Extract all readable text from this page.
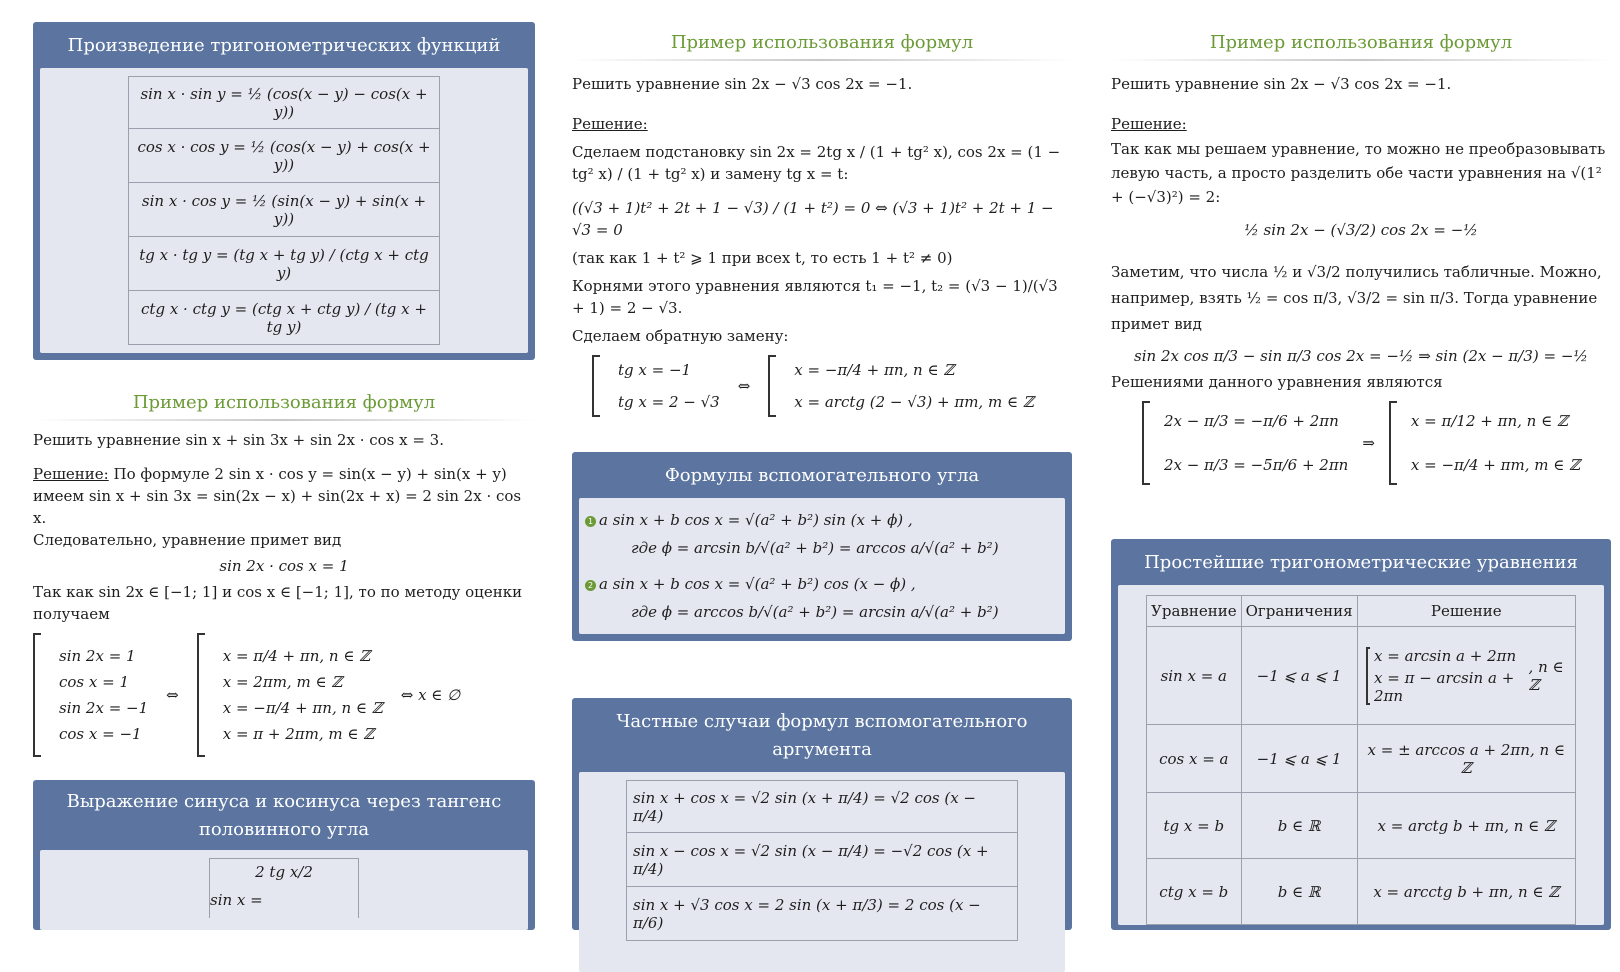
Произведение тригонометрических функций
sin x · sin y = ½ (cos(x − y) − cos(x + y))
cos x · cos y = ½ (cos(x − y) + cos(x + y))
sin x · cos y = ½ (sin(x − y) + sin(x + y))
tg x · tg y = (tg x + tg y) / (ctg x + ctg y)
ctg x · ctg y = (ctg x + ctg y) / (tg x + tg y)
Пример использования формул
Решить уравнение sin x + sin 3x + sin 2x · cos x = 3.
Решение: По формуле 2 sin x · cos y = sin(x − y) + sin(x + y) имеем sin x + sin 3x = sin(2x − x) + sin(2x + x) = 2 sin 2x · cos x.
Следовательно, уравнение примет вид
sin 2x · cos x = 1
Так как sin 2x ∈ [−1; 1] и cos x ∈ [−1; 1], то по методу оценки получаем
sin 2x = 1
cos x = 1
sin 2x = −1
cos x = −1
⇔
x = π/4 + πn, n ∈ ℤ
x = 2πm, m ∈ ℤ
x = −π/4 + πn, n ∈ ℤ
x = π + 2πm, m ∈ ℤ
⇔ x ∈ ∅
Выражение синуса и косинуса через тангенс половинного угла
2 tg x/2
sin x =
Пример использования формул
Решить уравнение sin 2x − √3 cos 2x = −1.
Решение:
Сделаем подстановку sin 2x = 2tg x / (1 + tg² x), cos 2x = (1 − tg² x) / (1 + tg² x) и замену tg x = t:
((√3 + 1)t² + 2t + 1 − √3) / (1 + t²) = 0 ⇔ (√3 + 1)t² + 2t + 1 − √3 = 0
(так как 1 + t² ⩾ 1 при всех t, то есть 1 + t² ≠ 0)
Корнями этого уравнения являются t₁ = −1, t₂ = (√3 − 1)/(√3 + 1) = 2 − √3.
Сделаем обратную замену:
tg x = −1
tg x = 2 − √3
⇔
x = −π/4 + πn, n ∈ ℤ
x = arctg (2 − √3) + πm, m ∈ ℤ
Формулы вспомогательного угла
1 a sin x + b cos x = √(a² + b²) sin (x + ϕ) ,
где ϕ = arcsin b/√(a² + b²) = arccos a/√(a² + b²)
2 a sin x + b cos x = √(a² + b²) cos (x − ϕ) ,
где ϕ = arccos b/√(a² + b²) = arcsin a/√(a² + b²)
Частные случаи формул вспомогательного аргумента
sin x + cos x = √2 sin (x + π/4) = √2 cos (x − π/4)
sin x − cos x = √2 sin (x − π/4) = −√2 cos (x + π/4)
sin x + √3 cos x = 2 sin (x + π/3) = 2 cos (x − π/6)
Пример использования формул
Решить уравнение sin 2x − √3 cos 2x = −1.
Решение:
Так как мы решаем уравнение, то можно не преобразовывать левую часть, а просто разделить обе части уравнения на √(1² + (−√3)²) = 2:
½ sin 2x − (√3/2) cos 2x = −½
Заметим, что числа ½ и √3/2 получились табличные. Можно, например, взять ½ = cos π/3, √3/2 = sin π/3. Тогда уравнение примет вид
sin 2x cos π/3 − sin π/3 cos 2x = −½ ⇒ sin (2x − π/3) = −½
Решениями данного уравнения являются
2x − π/3 = −π/6 + 2πn
2x − π/3 = −5π/6 + 2πn
⇒
x = π/12 + πn, n ∈ ℤ
x = −π/4 + πm, m ∈ ℤ
Простейшие тригонометрические уравнения
Уравнение	Ограничения	Решение
sin x = a	−1 ⩽ a ⩽ 1	x = arcsin a + 2πn
x = π − arcsin a + 2πn
, n ∈ ℤ

cos x = a	−1 ⩽ a ⩽ 1	x = ± arccos a + 2πn, n ∈ ℤ
tg x = b	b ∈ ℝ	x = arctg b + πn, n ∈ ℤ
ctg x = b	b ∈ ℝ	x = arcctg b + πn, n ∈ ℤ
